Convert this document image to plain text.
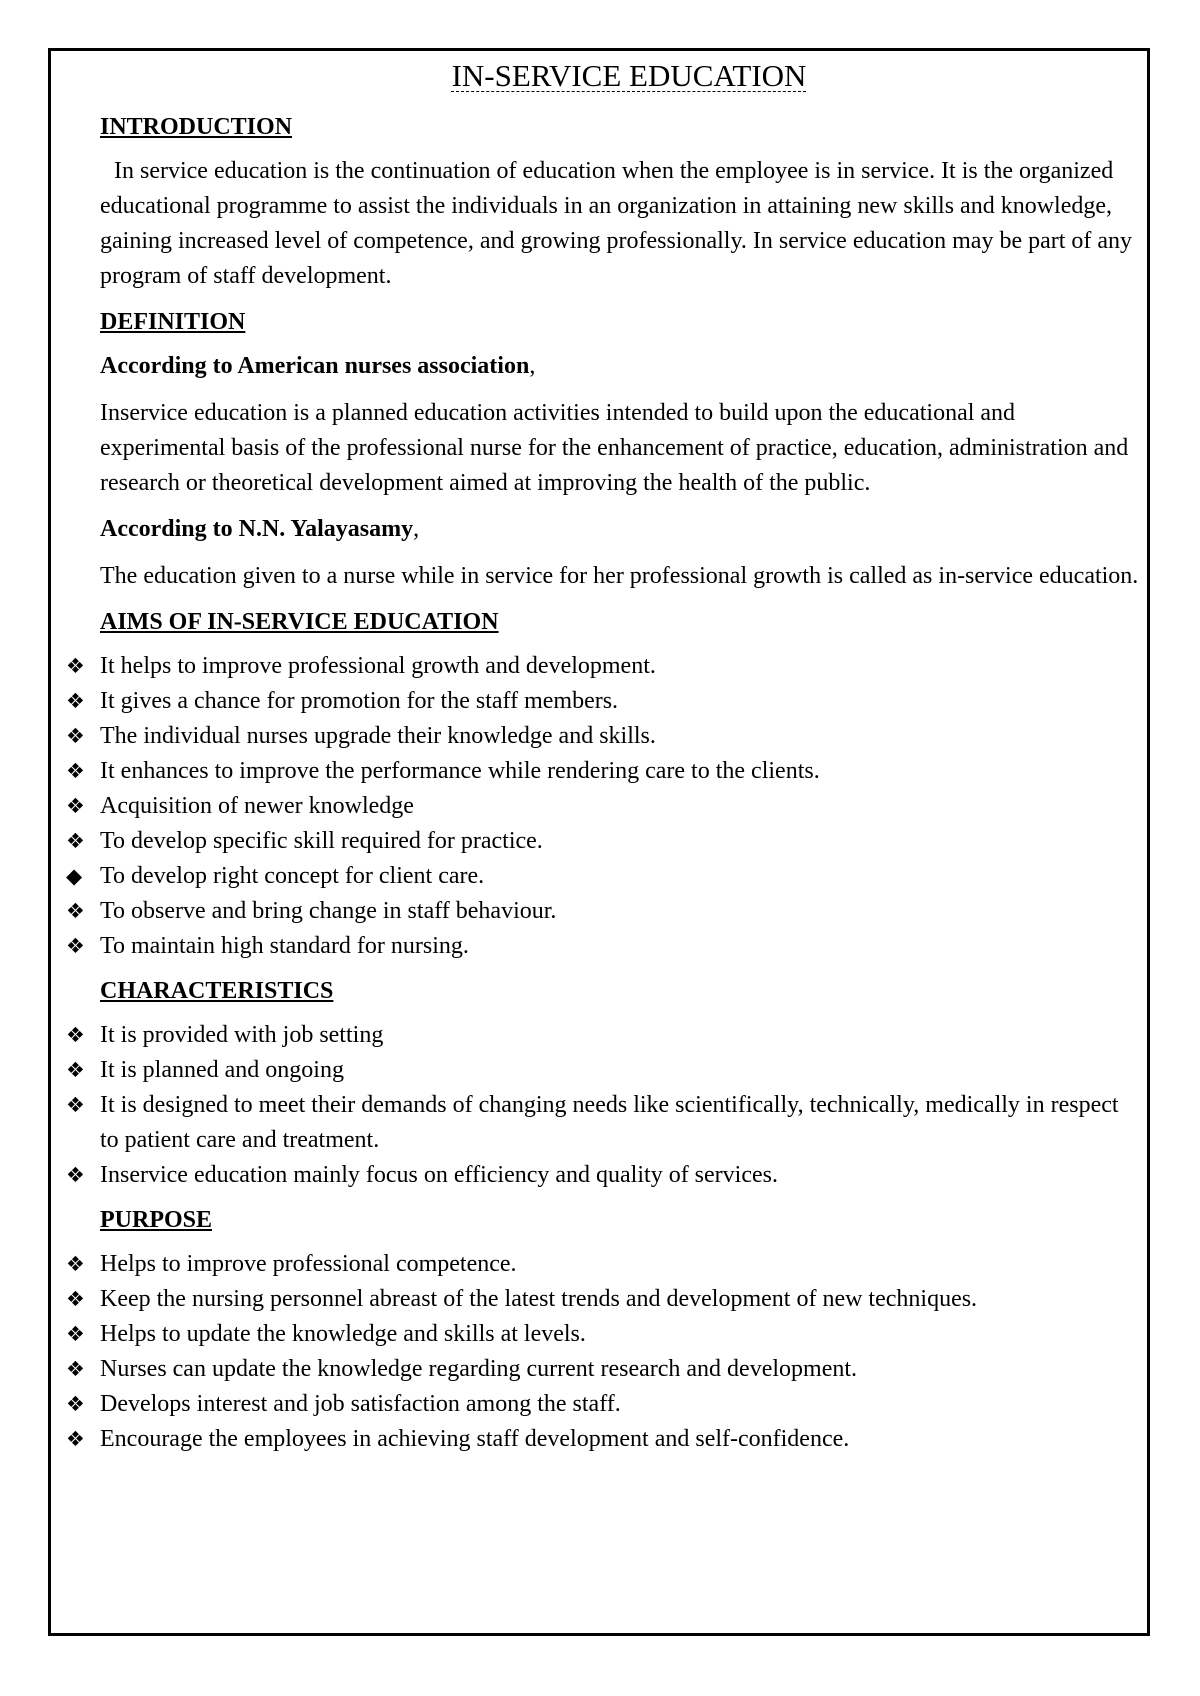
IN-SERVICE EDUCATION
INTRODUCTION

In service education is the continuation of education when the employee is in service. It is the organized educational programme to assist the individuals in an organization in attaining new skills and knowledge, gaining increased level of competence, and growing professionally. In service education may be part of any program of staff development.

DEFINITION

According to American nurses association,

Inservice education is a planned education activities intended to build upon the educational and experimental basis of the professional nurse for the enhancement of practice, education, administration and research or theoretical development aimed at improving the health of the public.

According to N.N. Yalayasamy,

The education given to a nurse while in service for her professional growth is called as in-service education.

AIMS OF IN-SERVICE EDUCATION
❖ It helps to improve professional growth and development.
❖ It gives a chance for promotion for the staff members.
❖ The individual nurses upgrade their knowledge and skills.
❖ It enhances to improve the performance while rendering care to the clients.
❖ Acquisition of newer knowledge
❖ To develop specific skill required for practice.
◆ To develop right concept for client care.
❖ To observe and bring change in staff behaviour.
❖ To maintain high standard for nursing.
CHARACTERISTICS
❖ It is provided with job setting
❖ It is planned and ongoing
❖ It is designed to meet their demands of changing needs like scientifically, technically, medically in respect to patient care and treatment.
❖ Inservice education mainly focus on efficiency and quality of services.
PURPOSE
❖ Helps to improve professional competence.
❖ Keep the nursing personnel abreast of the latest trends and development of new techniques.
❖ Helps to update the knowledge and skills at levels.
❖ Nurses can update the knowledge regarding current research and development.
❖ Develops interest and job satisfaction among the staff.
❖ Encourage the employees in achieving staff development and self-confidence.
